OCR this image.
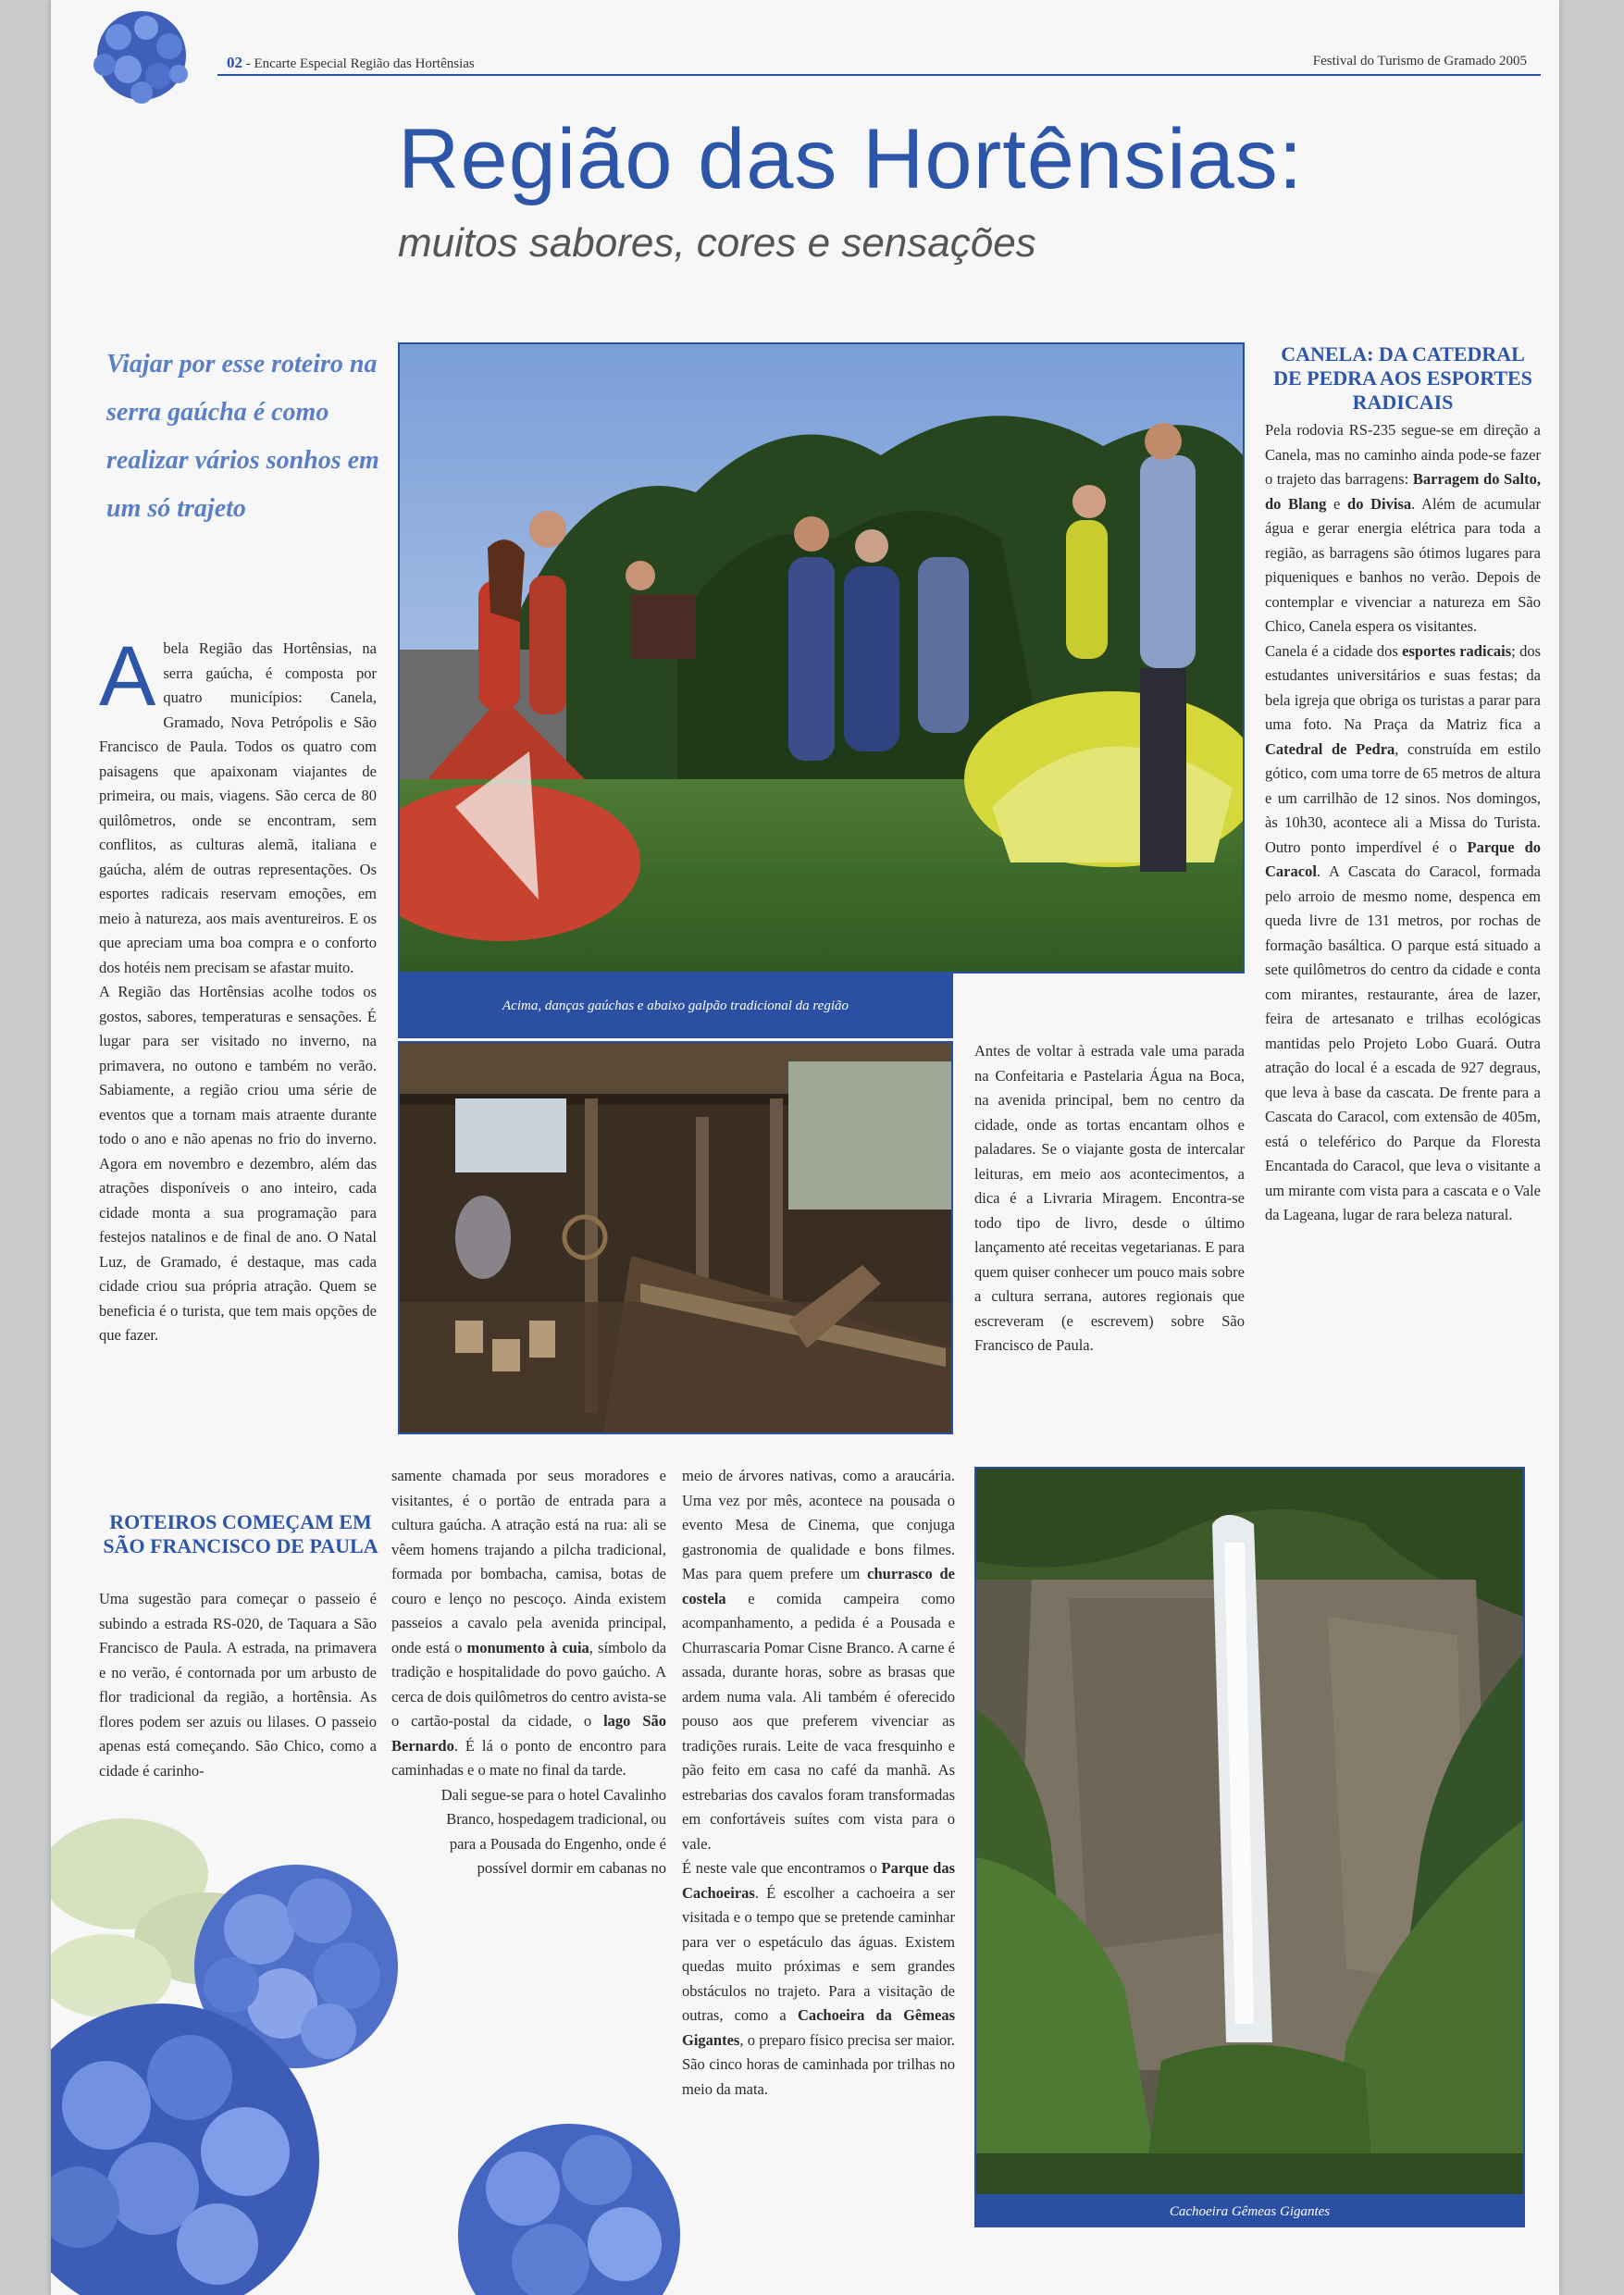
02 - Encarte Especial Região das Hortênsias	Festival do Turismo de Gramado 2005
Região das Hortênsias:
muitos sabores, cores e sensações
Viajar por esse roteiro na serra gaúcha é como realizar vários sonhos em um só trajeto

A bela Região das Hortênsias, na serra gaúcha, é composta por quatro municípios: Canela, Gramado, Nova Petrópolis e São Francisco de Paula. Todos os quatro com paisagens que apaixonam viajantes de primeira, ou mais, viagens. São cerca de 80 quilômetros, onde se encontram, sem conflitos, as culturas alemã, italiana e gaúcha, além de outras representações. Os esportes radicais reservam emoções, em meio à natureza, aos mais aventureiros. E os que apreciam uma boa compra e o conforto dos hotéis nem precisam se afastar muito.

A Região das Hortênsias acolhe todos os gostos, sabores, temperaturas e sensações. É lugar para ser visitado no inverno, na primavera, no outono e também no verão. Sabiamente, a região criou uma série de eventos que a tornam mais atraente durante todo o ano e não apenas no frio do inverno. Agora em novembro e dezembro, além das atrações disponíveis o ano inteiro, cada cidade monta a sua programação para festejos natalinos e de final de ano. O Natal Luz, de Gramado, é destaque, mas cada cidade criou sua própria atração. Quem se beneficia é o turista, que tem mais opções de que fazer.

ROTEIROS COMEÇAM EM SÃO FRANCISCO DE PAULA

Uma sugestão para começar o passeio é subindo a estrada RS-020, de Taquara a São Francisco de Paula. A estrada, na primavera e no verão, é contornada por um arbusto de flor tradicional da região, a hortênsia. As flores podem ser azuis ou lilases. O passeio apenas está começando. São Chico, como a cidade é carinho-

Acima, danças gaúchas e abaixo galpão tradicional da região

Antes de voltar à estrada vale uma parada na Confeitaria e Pastelaria Água na Boca, na avenida principal, bem no centro da cidade, onde as tortas encantam olhos e paladares. Se o viajante gosta de intercalar leituras, em meio aos acontecimentos, a dica é a Livraria Miragem. Encontra-se todo tipo de livro, desde o último lançamento até receitas vegetarianas. E para quem quiser conhecer um pouco mais sobre a cultura serrana, autores regionais que escreveram (e escrevem) sobre São Francisco de Paula.

samente chamada por seus moradores e visitantes, é o portão de entrada para a cultura gaúcha. A atração está na rua: ali se vêem homens trajando a pilcha tradicional, formada por bombacha, camisa, botas de couro e lenço no pescoço. Ainda existem passeios a cavalo pela avenida principal, onde está o monumento à cuia, símbolo da tradição e hospitalidade do povo gaúcho. A cerca de dois quilômetros do centro avista-se o cartão-postal da cidade, o lago São Bernardo. É lá o ponto de encontro para caminhadas e o mate no final da tarde.

Dali segue-se para o hotel Cavalinho Branco, hospedagem tradicional, ou para a Pousada do Engenho, onde é possível dormir em cabanas no

meio de árvores nativas, como a araucária. Uma vez por mês, acontece na pousada o evento Mesa de Cinema, que conjuga gastronomia de qualidade e bons filmes. Mas para quem prefere um churrasco de costela e comida campeira como acompanhamento, a pedida é a Pousada e Churrascaria Pomar Cisne Branco. A carne é assada, durante horas, sobre as brasas que ardem numa vala. Ali também é oferecido pouso aos que preferem vivenciar as tradições rurais. Leite de vaca fresquinho e pão feito em casa no café da manhã. As estrebarias dos cavalos foram transformadas em confortáveis suítes com vista para o vale.

É neste vale que encontramos o Parque das Cachoeiras. É escolher a cachoeira a ser visitada e o tempo que se pretende caminhar para ver o espetáculo das águas. Existem quedas muito próximas e sem grandes obstáculos no trajeto. Para a visitação de outras, como a Cachoeira da Gêmeas Gigantes, o preparo físico precisa ser maior. São cinco horas de caminhada por trilhas no meio da mata.

CANELA: DA CATEDRAL DE PEDRA AOS ESPORTES RADICAIS

Pela rodovia RS-235 segue-se em direção a Canela, mas no caminho ainda pode-se fazer o trajeto das barragens: Barragem do Salto, do Blang e do Divisa. Além de acumular água e gerar energia elétrica para toda a região, as barragens são ótimos lugares para piqueniques e banhos no verão. Depois de contemplar e vivenciar a natureza em São Chico, Canela espera os visitantes.

Canela é a cidade dos esportes radicais; dos estudantes universitários e suas festas; da bela igreja que obriga os turistas a parar para uma foto. Na Praça da Matriz fica a Catedral de Pedra, construída em estilo gótico, com uma torre de 65 metros de altura e um carrilhão de 12 sinos. Nos domingos, às 10h30, acontece ali a Missa do Turista. Outro ponto imperdível é o Parque do Caracol. A Cascata do Caracol, formada pelo arroio de mesmo nome, despenca em queda livre de 131 metros, por rochas de formação basáltica. O parque está situado a sete quilômetros do centro da cidade e conta com mirantes, restaurante, área de lazer, feira de artesanato e trilhas ecológicas mantidas pelo Projeto Lobo Guará. Outra atração do local é a escada de 927 degraus, que leva à base da cascata. De frente para a Cascata do Caracol, com extensão de 405m, está o teleférico do Parque da Floresta Encantada do Caracol, que leva o visitante a um mirante com vista para a cascata e o Vale da Lageana, lugar de rara beleza natural.

Cachoeira Gêmeas Gigantes
